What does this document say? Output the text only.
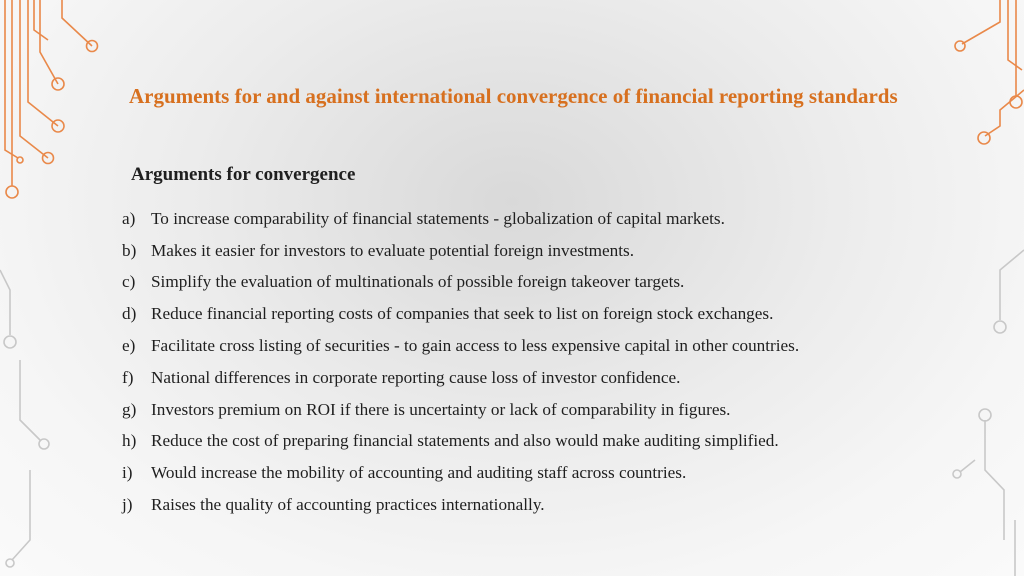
Arguments for and against international convergence of financial reporting standards
Arguments for convergence
a) To increase comparability of financial statements - globalization of capital markets.
b) Makes it easier for investors to evaluate potential foreign investments.
c) Simplify the evaluation of multinationals of possible foreign takeover targets.
d) Reduce financial reporting costs of companies that seek to list on foreign stock exchanges.
e) Facilitate cross listing of securities - to gain access to less expensive capital in other countries.
f)	National differences in corporate reporting cause loss of investor confidence.
g) Investors premium on ROI if there is uncertainty or lack of comparability in figures.
h) Reduce the cost of preparing financial statements and also would make auditing simplified.
i)	Would increase the mobility of accounting and auditing staff across countries.
j)	Raises the quality of accounting practices internationally.
